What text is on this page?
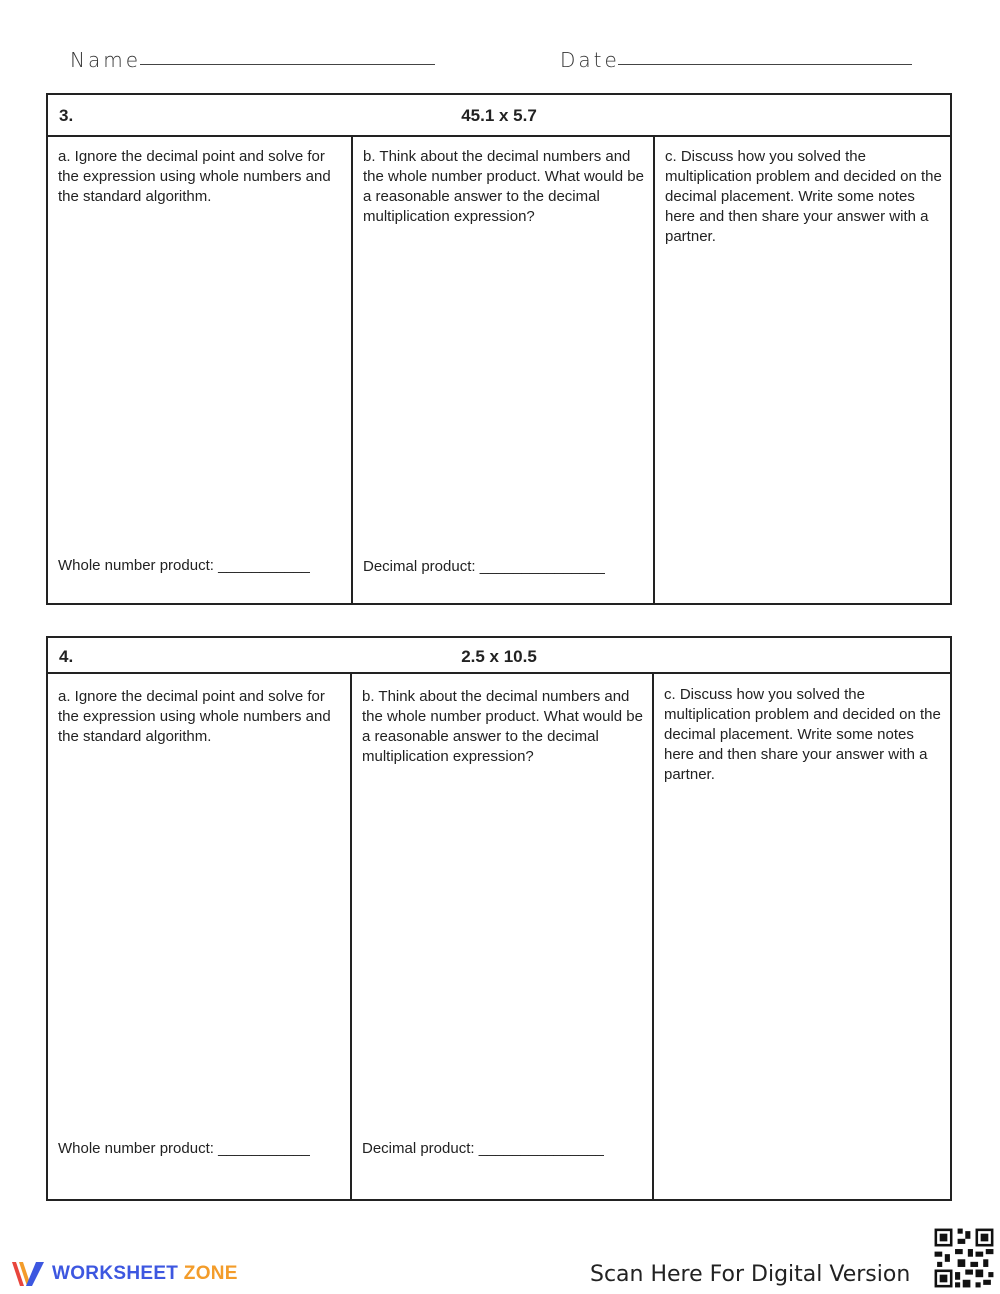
Name	Date
3.	45.1 x 5.7
a. Ignore the decimal point and solve for the expression using whole numbers and the standard algorithm.
Whole number product: ___________
b. Think about the decimal numbers and the whole number product. What would be a reasonable answer to the decimal multiplication expression?
Decimal product: _______________
c. Discuss how you solved the multiplication problem and decided on the decimal placement. Write some notes here and then share your answer with a partner.
4.	2.5 x 10.5
a. Ignore the decimal point and solve for the expression using whole numbers and the standard algorithm.
Whole number product: ___________
b. Think about the decimal numbers and the whole number product. What would be a reasonable answer to the decimal multiplication expression?
Decimal product: _______________
c. Discuss how you solved the multiplication problem and decided on the decimal placement. Write some notes here and then share your answer with a partner.
WORKSHEET ZONE	Scan Here For Digital Version
